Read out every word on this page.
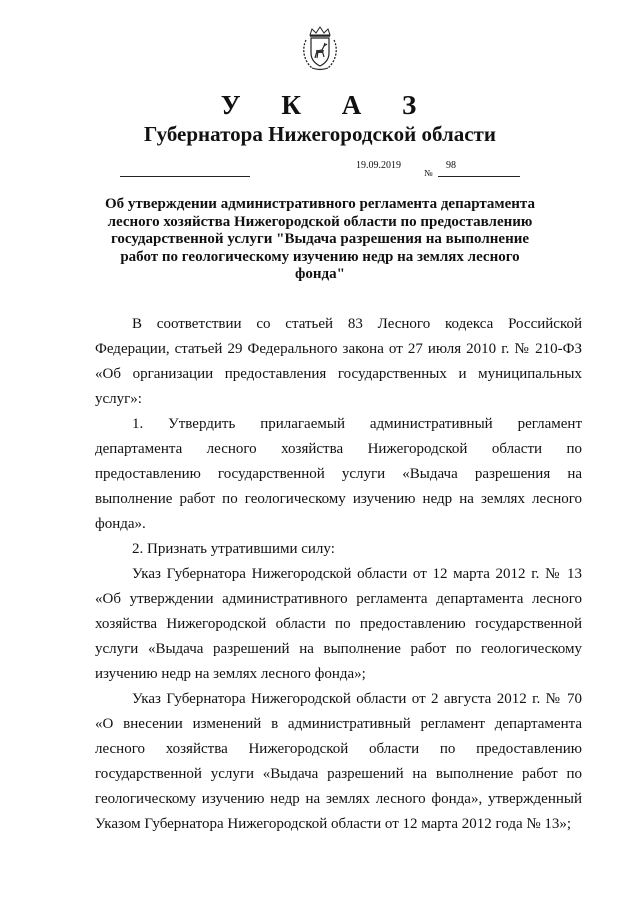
У К А З
Губернатора Нижегородской области
19.09.2019
№
98
Об утверждении административного регламента департамента лесного хозяйства Нижегородской области по предоставлению государственной услуги "Выдача разрешения на выполнение работ по геологическому изучению недр на землях лесного фонда"

В соответствии со статьей 83 Лесного кодекса Российской Федерации, статьей 29 Федерального закона от 27 июля 2010 г. № 210-ФЗ «Об организации предоставления государственных и муниципальных услуг»:

1. Утвердить прилагаемый административный регламент департамента лесного хозяйства Нижегородской области по предоставлению государственной услуги «Выдача разрешения на выполнение работ по геологическому изучению недр на землях лесного фонда».

2. Признать утратившими силу:

Указ Губернатора Нижегородской области от 12 марта 2012 г. № 13 «Об утверждении административного регламента департамента лесного хозяйства Нижегородской области по предоставлению государственной услуги «Выдача разрешений на выполнение работ по геологическому изучению недр на землях лесного фонда»;

Указ Губернатора Нижегородской области от 2 августа 2012 г. № 70 «О внесении изменений в административный регламент департамента лесного хозяйства Нижегородской области по предоставлению государственной услуги «Выдача разрешений на выполнение работ по геологическому изучению недр на землях лесного фонда», утвержденный Указом Губернатора Нижегородской области от 12 марта 2012 года № 13»;
